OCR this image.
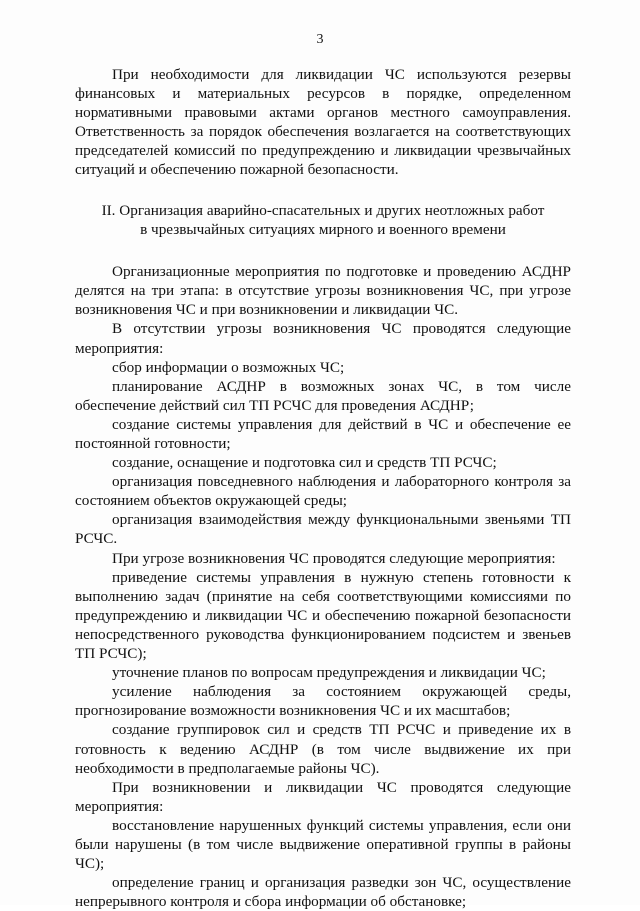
3

При необходимости для ликвидации ЧС используются резервы финансовых и материальных ресурсов в порядке, определенном нормативными правовыми актами органов местного самоуправления. Ответственность за порядок обеспечения возлагается на соответствующих председателей комиссий по предупреждению и ликвидации чрезвычайных ситуаций и обеспечению пожарной безопасности.

II. Организация аварийно-спасательных и других неотложных работ
в чрезвычайных ситуациях мирного и военного времени

Организационные мероприятия по подготовке и проведению АСДНР делятся на три этапа: в отсутствие угрозы возникновения ЧС, при угрозе возникновения ЧС и при возникновении и ликвидации ЧС.

В отсутствии угрозы возникновения ЧС проводятся следующие мероприятия:

сбор информации о возможных ЧС;

планирование АСДНР в возможных зонах ЧС, в том числе обеспечение действий сил ТП РСЧС для проведения АСДНР;

создание системы управления для действий в ЧС и обеспечение ее постоянной готовности;

создание, оснащение и подготовка сил и средств ТП РСЧС;

организация повседневного наблюдения и лабораторного контроля за состоянием объектов окружающей среды;

организация взаимодействия между функциональными звеньями ТП РСЧС.

При угрозе возникновения ЧС проводятся следующие мероприятия:

приведение системы управления в нужную степень готовности к выполнению задач (принятие на себя соответствующими комиссиями по предупреждению и ликвидации ЧС и обеспечению пожарной безопасности непосредственного руководства функционированием подсистем и звеньев ТП РСЧС);

уточнение планов по вопросам предупреждения и ликвидации ЧС;

усиление наблюдения за состоянием окружающей среды, прогнозирование возможности возникновения ЧС и их масштабов;

создание группировок сил и средств ТП РСЧС и приведение их в готовность к ведению АСДНР (в том числе выдвижение их при необходимости в предполагаемые районы ЧС).

При возникновении и ликвидации ЧС проводятся следующие мероприятия:

восстановление нарушенных функций системы управления, если они были нарушены (в том числе выдвижение оперативной группы в районы ЧС);

определение границ и организация разведки зон ЧС, осуществление непрерывного контроля и сбора информации об обстановке;
